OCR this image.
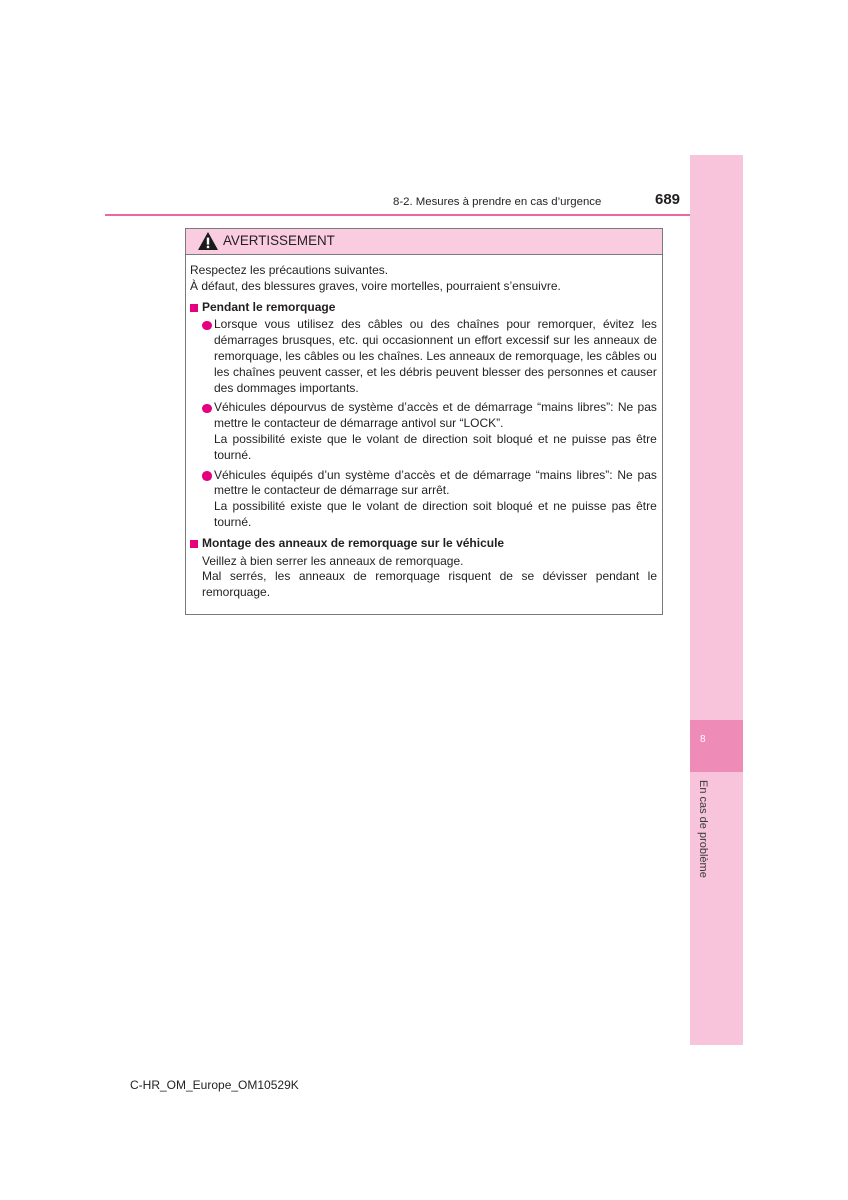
8
En cas de problème
8-2. Mesures à prendre en cas d’urgence	689
AVERTISSEMENT
Respectez les précautions suivantes.
À défaut, des blessures graves, voire mortelles, pourraient s’ensuivre.
Pendant le remorquage
Lorsque vous utilisez des câbles ou des chaînes pour remorquer, évitez les
démarrages brusques, etc. qui occasionnent un effort excessif sur les anneaux de
remorquage, les câbles ou les chaînes. Les anneaux de remorquage, les câbles ou
les chaînes peuvent casser, et les débris peuvent blesser des personnes et causer
des dommages importants.
Véhicules dépourvus de système d’accès et de démarrage “mains libres”: Ne pas
mettre le contacteur de démarrage antivol sur “LOCK”.
La possibilité existe que le volant de direction soit bloqué et ne puisse pas être
tourné.
Véhicules équipés d’un système d’accès et de démarrage “mains libres”: Ne pas
mettre le contacteur de démarrage sur arrêt.
La possibilité existe que le volant de direction soit bloqué et ne puisse pas être
tourné.
Montage des anneaux de remorquage sur le véhicule
Veillez à bien serrer les anneaux de remorquage.
Mal serrés, les anneaux de remorquage risquent de se dévisser pendant le
remorquage.
C-HR_OM_Europe_OM10529K
